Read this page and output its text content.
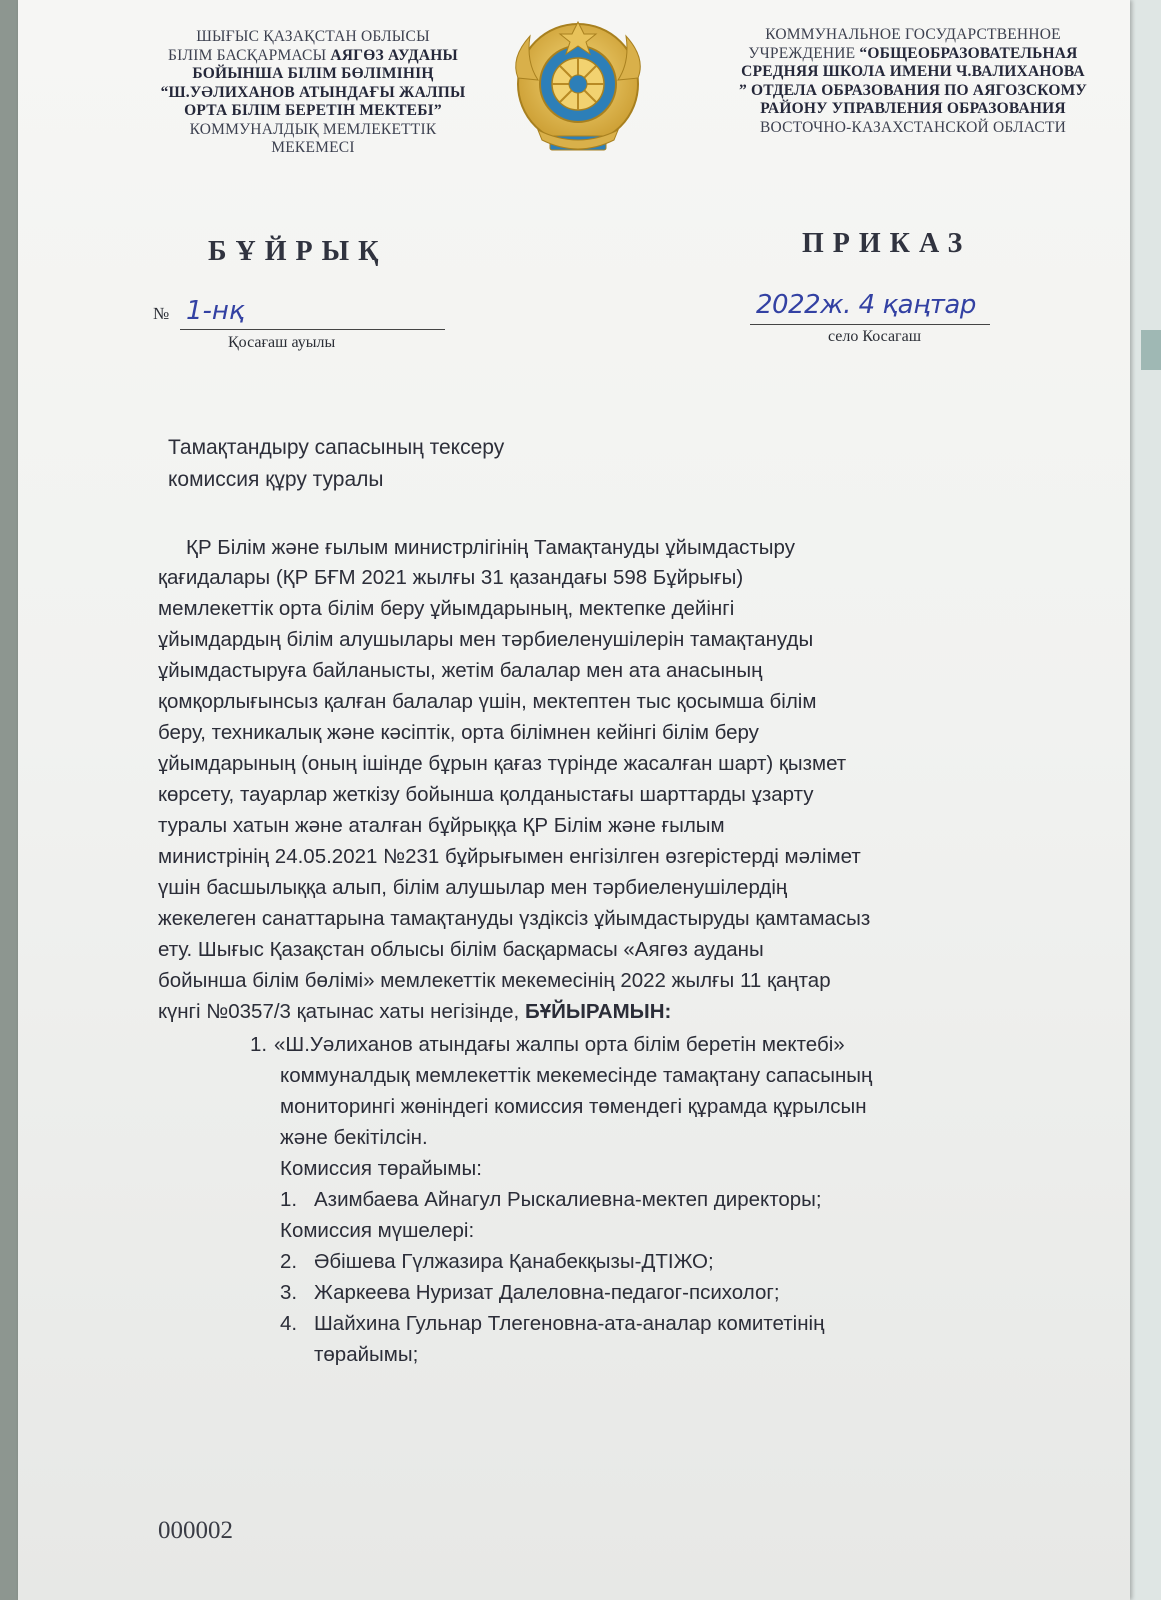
ШЫҒЫС ҚАЗАҚСТАН ОБЛЫСЫ
БІЛІМ БАСҚАРМАСЫ АЯГӨЗ АУДАНЫ
БОЙЫНША БІЛІМ БӨЛІМІНІҢ
“Ш.УӘЛИХАНОВ АТЫНДАҒЫ ЖАЛПЫ
ОРТА БІЛІМ БЕРЕТІН МЕКТЕБІ”
КОММУНАЛДЫҚ МЕМЛЕКЕТТІК
МЕКЕМЕСІ
КОММУНАЛЬНОЕ ГОСУДАРСТВЕННОЕ
УЧРЕЖДЕНИЕ “ОБЩЕОБРАЗОВАТЕЛЬНАЯ
СРЕДНЯЯ ШКОЛА ИМЕНИ Ч.ВАЛИХАНОВА
” ОТДЕЛА ОБРАЗОВАНИЯ ПО АЯГОЗСКОМУ
РАЙОНУ УПРАВЛЕНИЯ ОБРАЗОВАНИЯ
ВОСТОЧНО-КАЗАХСТАНСКОЙ ОБЛАСТИ
БҰЙРЫҚ	ПРИКАЗ
№ 1-нқ
Қосағаш ауылы
2022ж. 4 қаңтар
село Косагаш
Тамақтандыру сапасының тексеру
комиссия құру туралы
ҚР Білім және ғылым министрлігінің Тамақтануды ұйымдастыру
қағидалары (ҚР БҒМ 2021 жылғы 31 қазандағы 598 Бұйрығы)
мемлекеттік орта білім беру ұйымдарының, мектепке дейінгі
ұйымдардың білім алушылары мен тәрбиеленушілерін тамақтануды
ұйымдастыруға байланысты, жетім балалар мен ата анасының
қомқорлығынсыз қалған балалар үшін, мектептен тыс қосымша білім
беру, техникалық және кәсіптік, орта білімнен кейінгі білім беру
ұйымдарының (оның ішінде бұрын қағаз түрінде жасалған шарт) қызмет
көрсету, тауарлар жеткізу бойынша қолданыстағы шарттарды ұзарту
туралы хатын және аталған бұйрыққа ҚР Білім және ғылым
министрінің 24.05.2021 №231 бұйрығымен енгізілген өзгерістерді мәлімет
үшін басшылыққа алып, білім алушылар мен тәрбиеленушілердің
жекелеген санаттарына тамақтануды үздіксіз ұйымдастыруды қамтамасыз
ету. Шығыс Қазақстан облысы білім басқармасы «Аягөз ауданы
бойынша білім бөлімі» мемлекеттік мекемесінің 2022 жылғы 11 қаңтар
күнгі №0357/3 қатынас хаты негізінде, БҰЙЫРАМЫН:
1. «Ш.Уәлиханов атындағы жалпы орта білім беретін мектебі»
коммуналдық мемлекеттік мекемесінде тамақтану сапасының
мониторингі жөніндегі комиссия төмендегі құрамда құрылсын
және бекітілсін.
Комиссия төрайымы:
1. Азимбаева Айнагул Рыскалиевна-мектеп директоры;
Комиссия мүшелері:
2. Әбішева Гүлжазира Қанабекқызы-ДТІЖО;
3. Жаркеева Нуризат Далеловна-педагог-психолог;
4. Шайхина Гульнар Тлегеновна-ата-аналар комитетінің
төрайымы;
000002
